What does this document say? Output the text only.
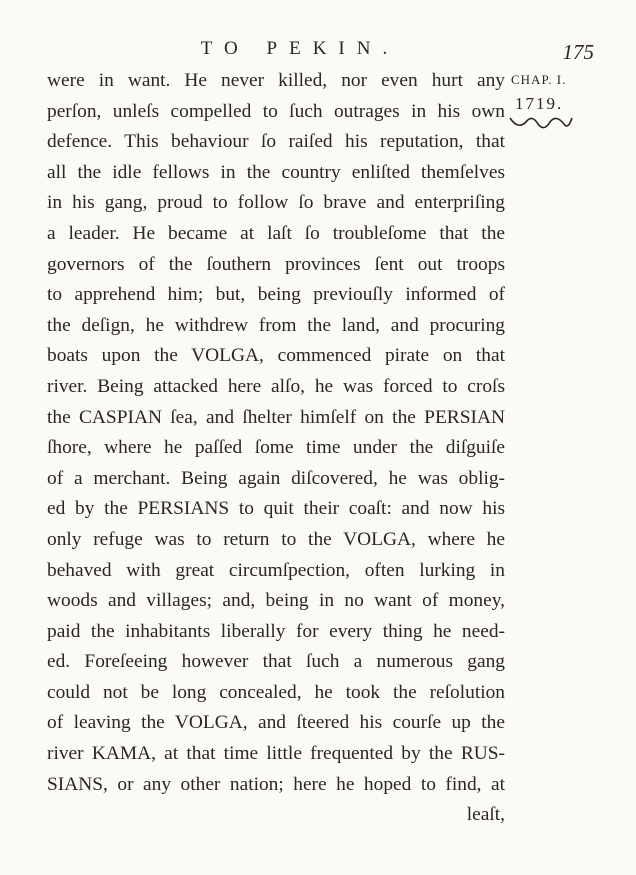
TO PEKIN.	175
CHAP. I.
1719.
were in want. He never killed, nor even hurt any
perſon, unleſs compelled to ſuch outrages in his own
defence. This behaviour ſo raiſed his reputation, that
all the idle fellows in the country enliſted themſelves
in his gang, proud to follow ſo brave and enterpriſing
a leader. He became at laſt ſo troubleſome that the
governors of the ſouthern provinces ſent out troops
to apprehend him; but, being previouſly informed of
the deſign, he withdrew from the land, and procuring
boats upon the VOLGA, commenced pirate on that
river. Being attacked here alſo, he was forced to croſs
the CASPIAN ſea, and ſhelter himſelf on the PERSIAN
ſhore, where he paſſed ſome time under the diſguiſe
of a merchant. Being again diſcovered, he was oblig-
ed by the PERSIANS to quit their coaſt: and now his
only refuge was to return to the VOLGA, where he
behaved with great circumſpection, often lurking in
woods and villages; and, being in no want of money,
paid the inhabitants liberally for every thing he need-
ed. Foreſeeing however that ſuch a numerous gang
could not be long concealed, he took the reſolution
of leaving the VOLGA, and ſteered his courſe up the
river KAMA, at that time little frequented by the RUS-
SIANS, or any other nation; here he hoped to find, at
leaſt,
